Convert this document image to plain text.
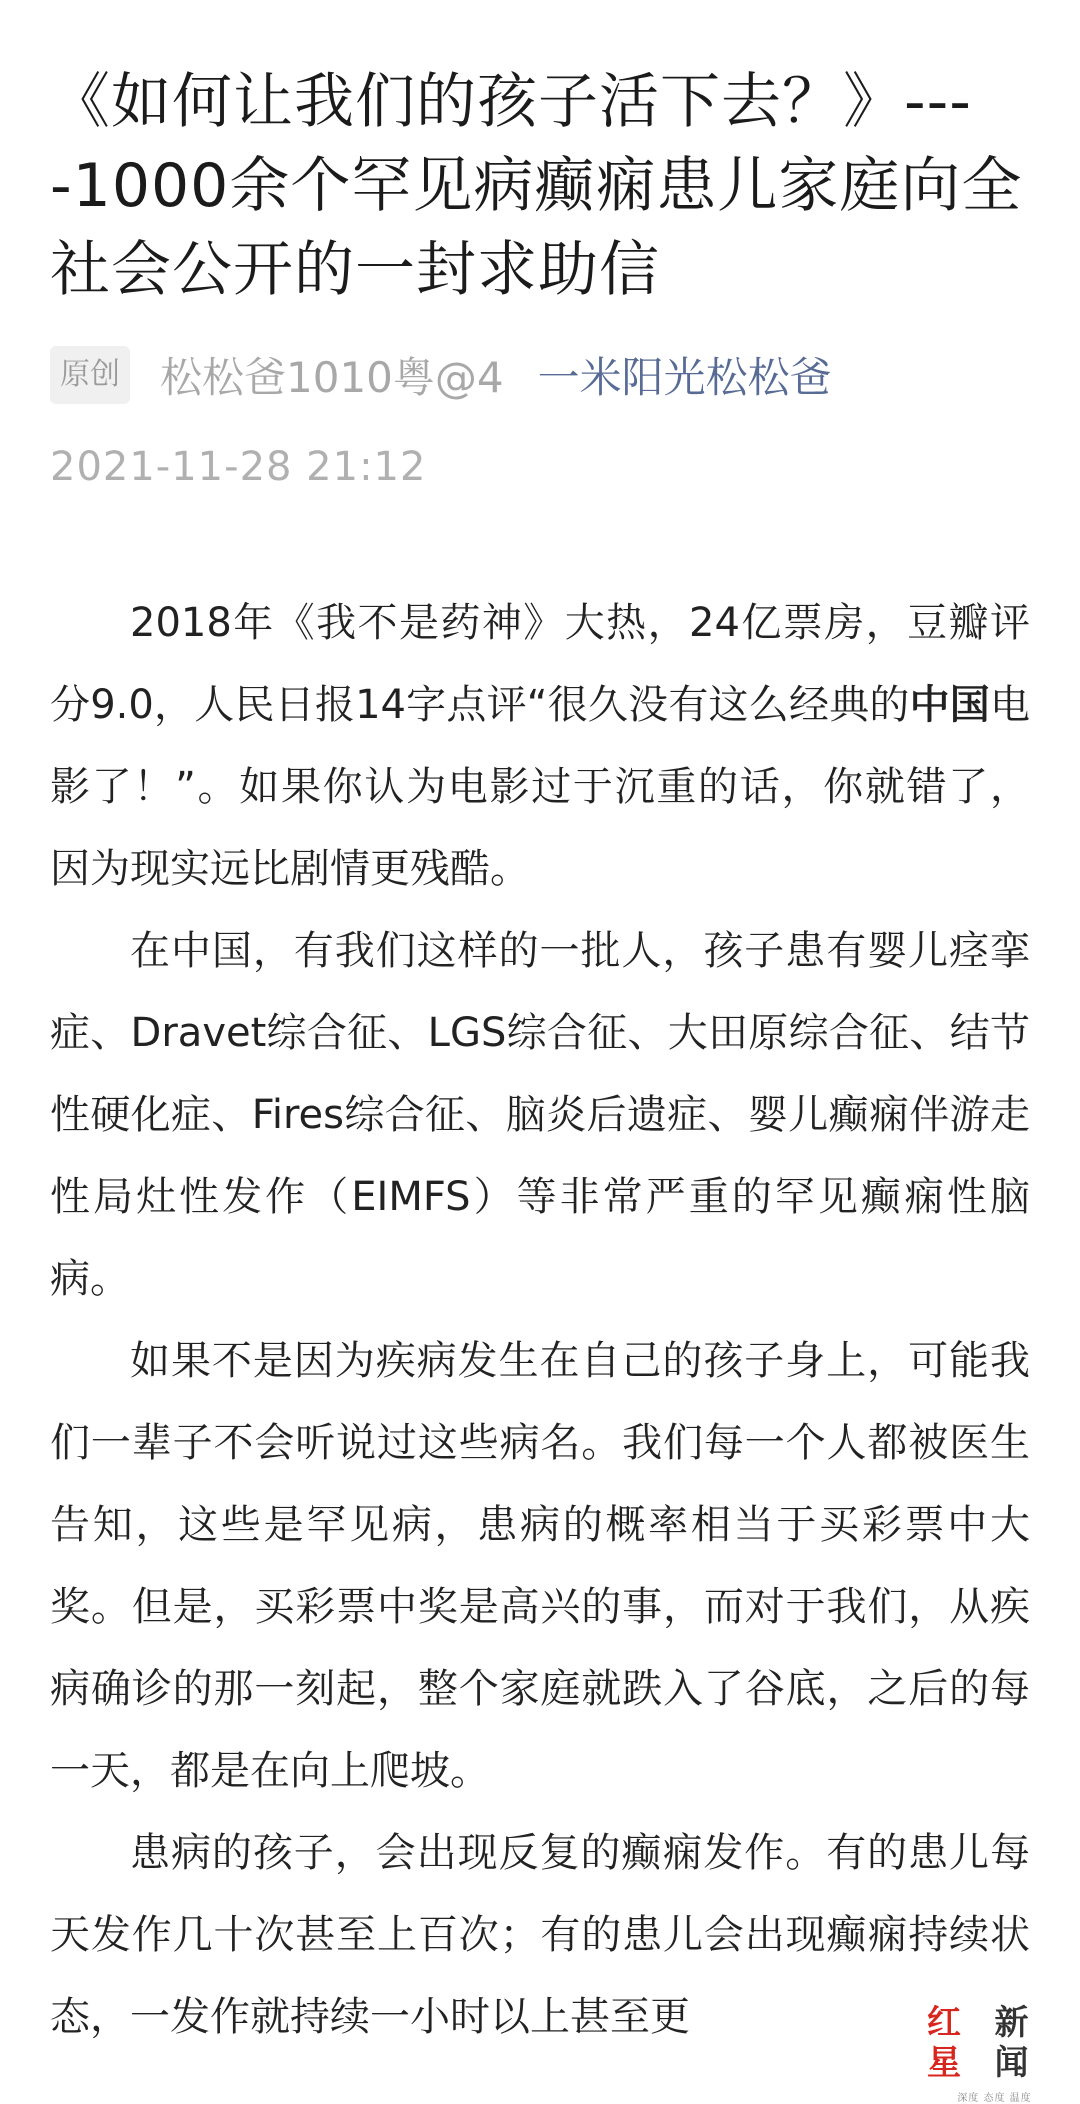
《如何让我们的孩子活下去？》----1000余个罕见病癫痫患儿家庭向全社会公开的一封求助信
原创 松松爸1010粤@4 一米阳光松松爸
2021-11-28 21:12

2018年《我不是药神》大热，24亿票房，豆瓣评分9.0，人民日报14字点评“很久没有这么经典的中国电影了！”。如果你认为电影过于沉重的话，你就错了，因为现实远比剧情更残酷。

在中国，有我们这样的一批人，孩子患有婴儿痉挛症、Dravet综合征、LGS综合征、大田原综合征、结节性硬化症、Fires综合征、脑炎后遗症、婴儿癫痫伴游走性局灶性发作（EIMFS）等非常严重的罕见癫痫性脑病。

如果不是因为疾病发生在自己的孩子身上，可能我们一辈子不会听说过这些病名。我们每一个人都被医生告知，这些是罕见病，患病的概率相当于买彩票中大奖。但是，买彩票中奖是高兴的事，而对于我们，从疾病确诊的那一刻起，整个家庭就跌入了谷底，之后的每一天，都是在向上爬坡。

患病的孩子，会出现反复的癫痫发作。有的患儿每天发作几十次甚至上百次；有的患儿会出现癫痫持续状态，一发作就持续一小时以上甚至更	红星
新闻
深度 态度 温度
